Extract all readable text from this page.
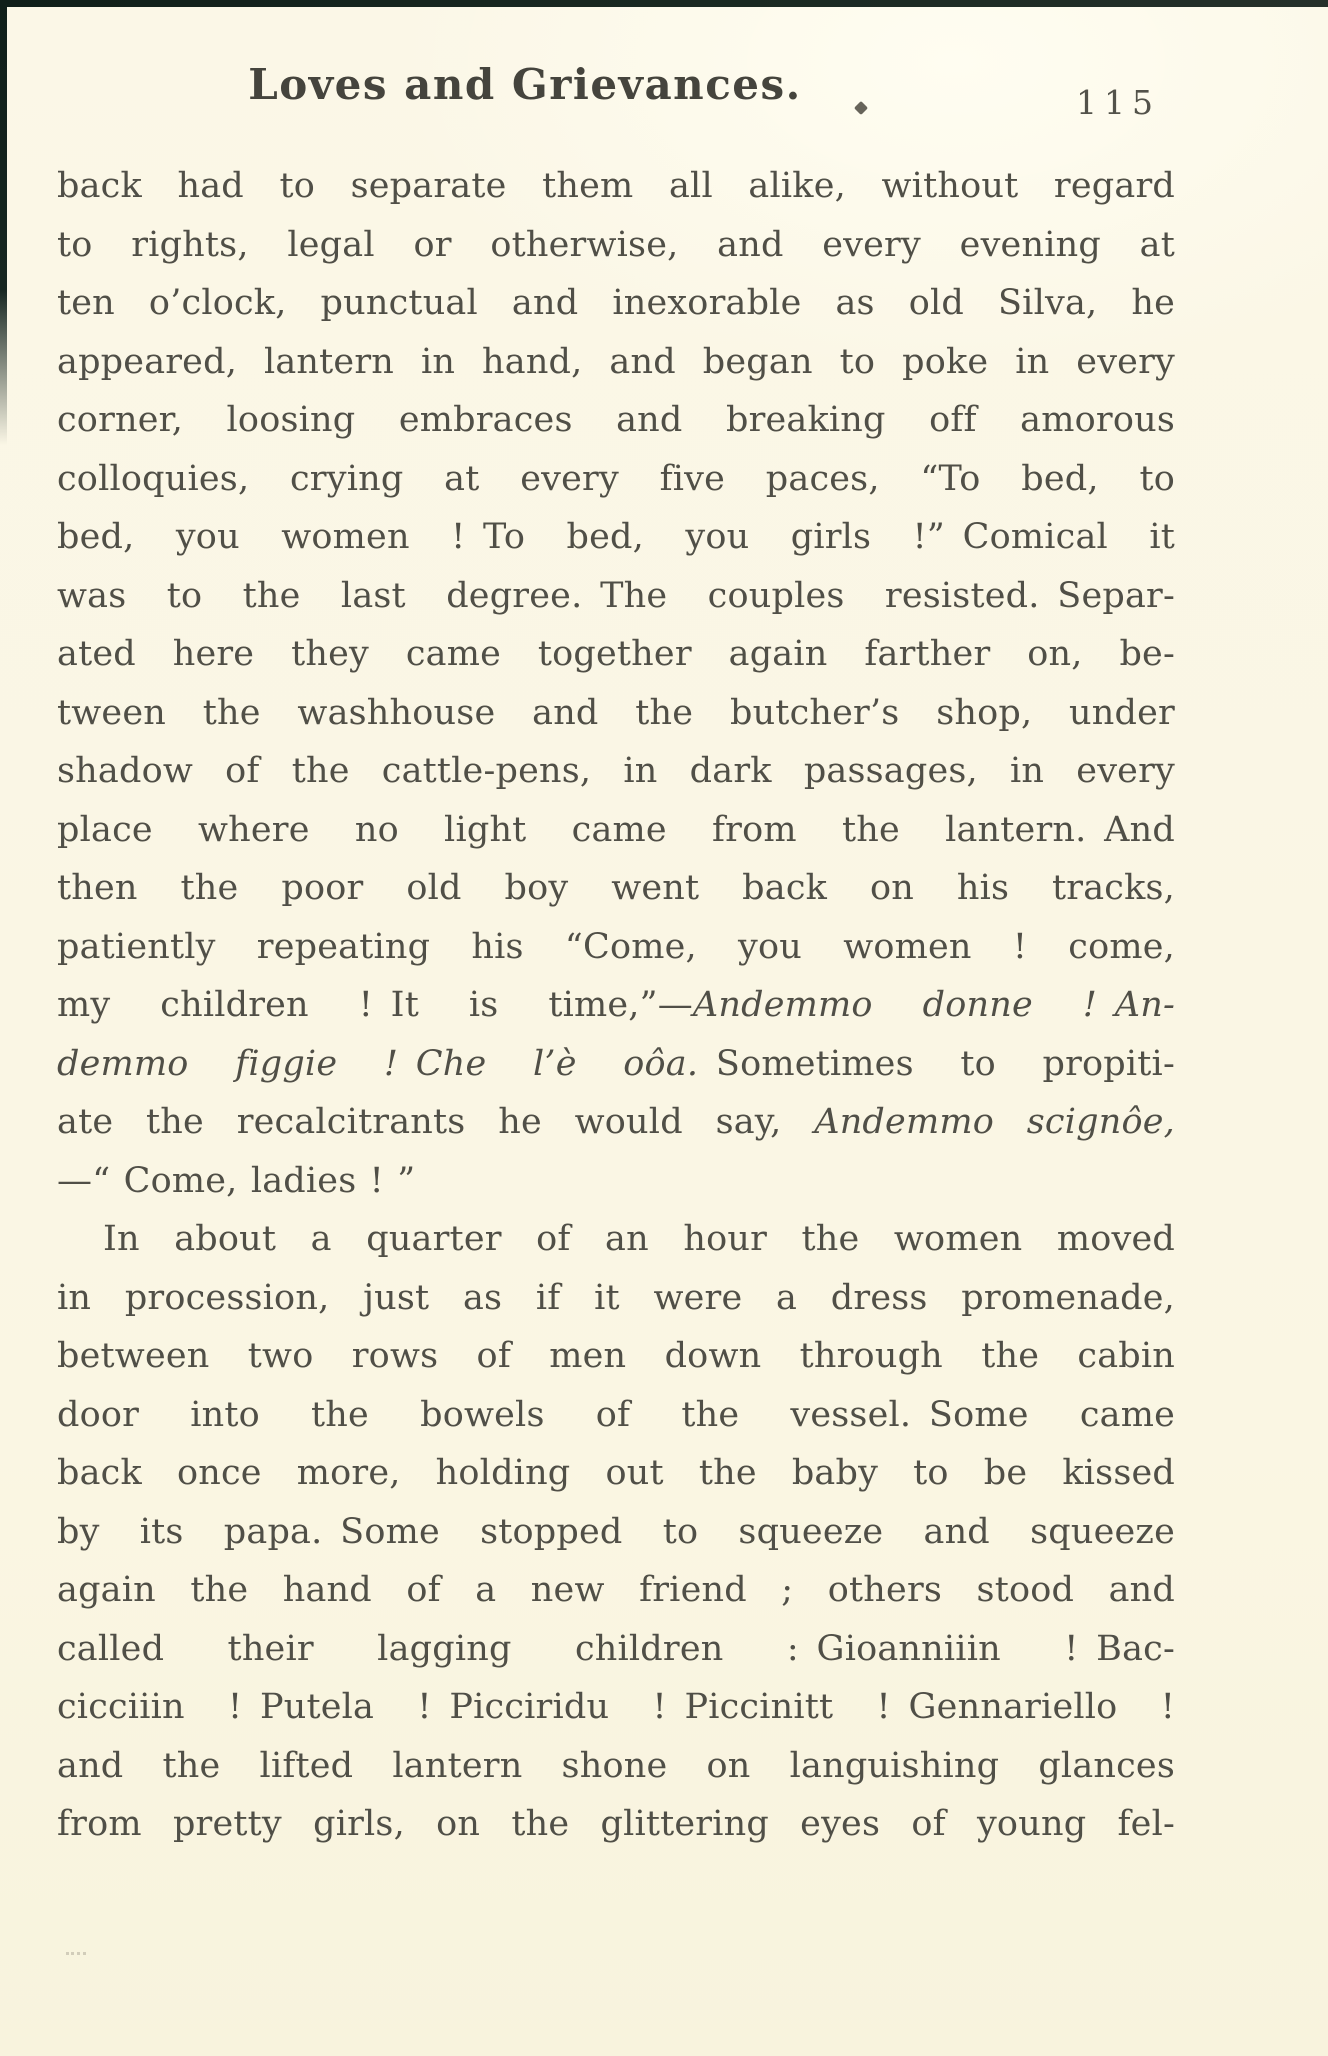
Loves and Grievances.	115
back had to separate them all alike, without regard
to rights, legal or otherwise, and every evening at
ten o’clock, punctual and inexorable as old Silva, he
appeared, lantern in hand, and began to poke in every
corner, loosing embraces and breaking off amorous
colloquies, crying at every five paces, “To bed, to
bed, you women ! To bed, you girls !” Comical it
was to the last degree. The couples resisted. Separ-
ated here they came together again farther on, be-
tween the washhouse and the butcher’s shop, under
shadow of the cattle-pens, in dark passages, in every
place where no light came from the lantern. And
then the poor old boy went back on his tracks,
patiently repeating his “Come, you women ! come,
my children ! It is time,”—Andemmo donne ! An-
demmo figgie ! Che l’è oôa. Sometimes to propiti-
ate the recalcitrants he would say, Andemmo scignôe,
—“ Come, ladies ! ”
In about a quarter of an hour the women moved
in procession, just as if it were a dress promenade,
between two rows of men down through the cabin
door into the bowels of the vessel. Some came
back once more, holding out the baby to be kissed
by its papa. Some stopped to squeeze and squeeze
again the hand of a new friend ; others stood and
called their lagging children : Gioanniiin ! Bac-
cicciiin ! Putela ! Picciridu ! Piccinitt ! Gennariello !
and the lifted lantern shone on languishing glances
from pretty girls, on the glittering eyes of young fel-
